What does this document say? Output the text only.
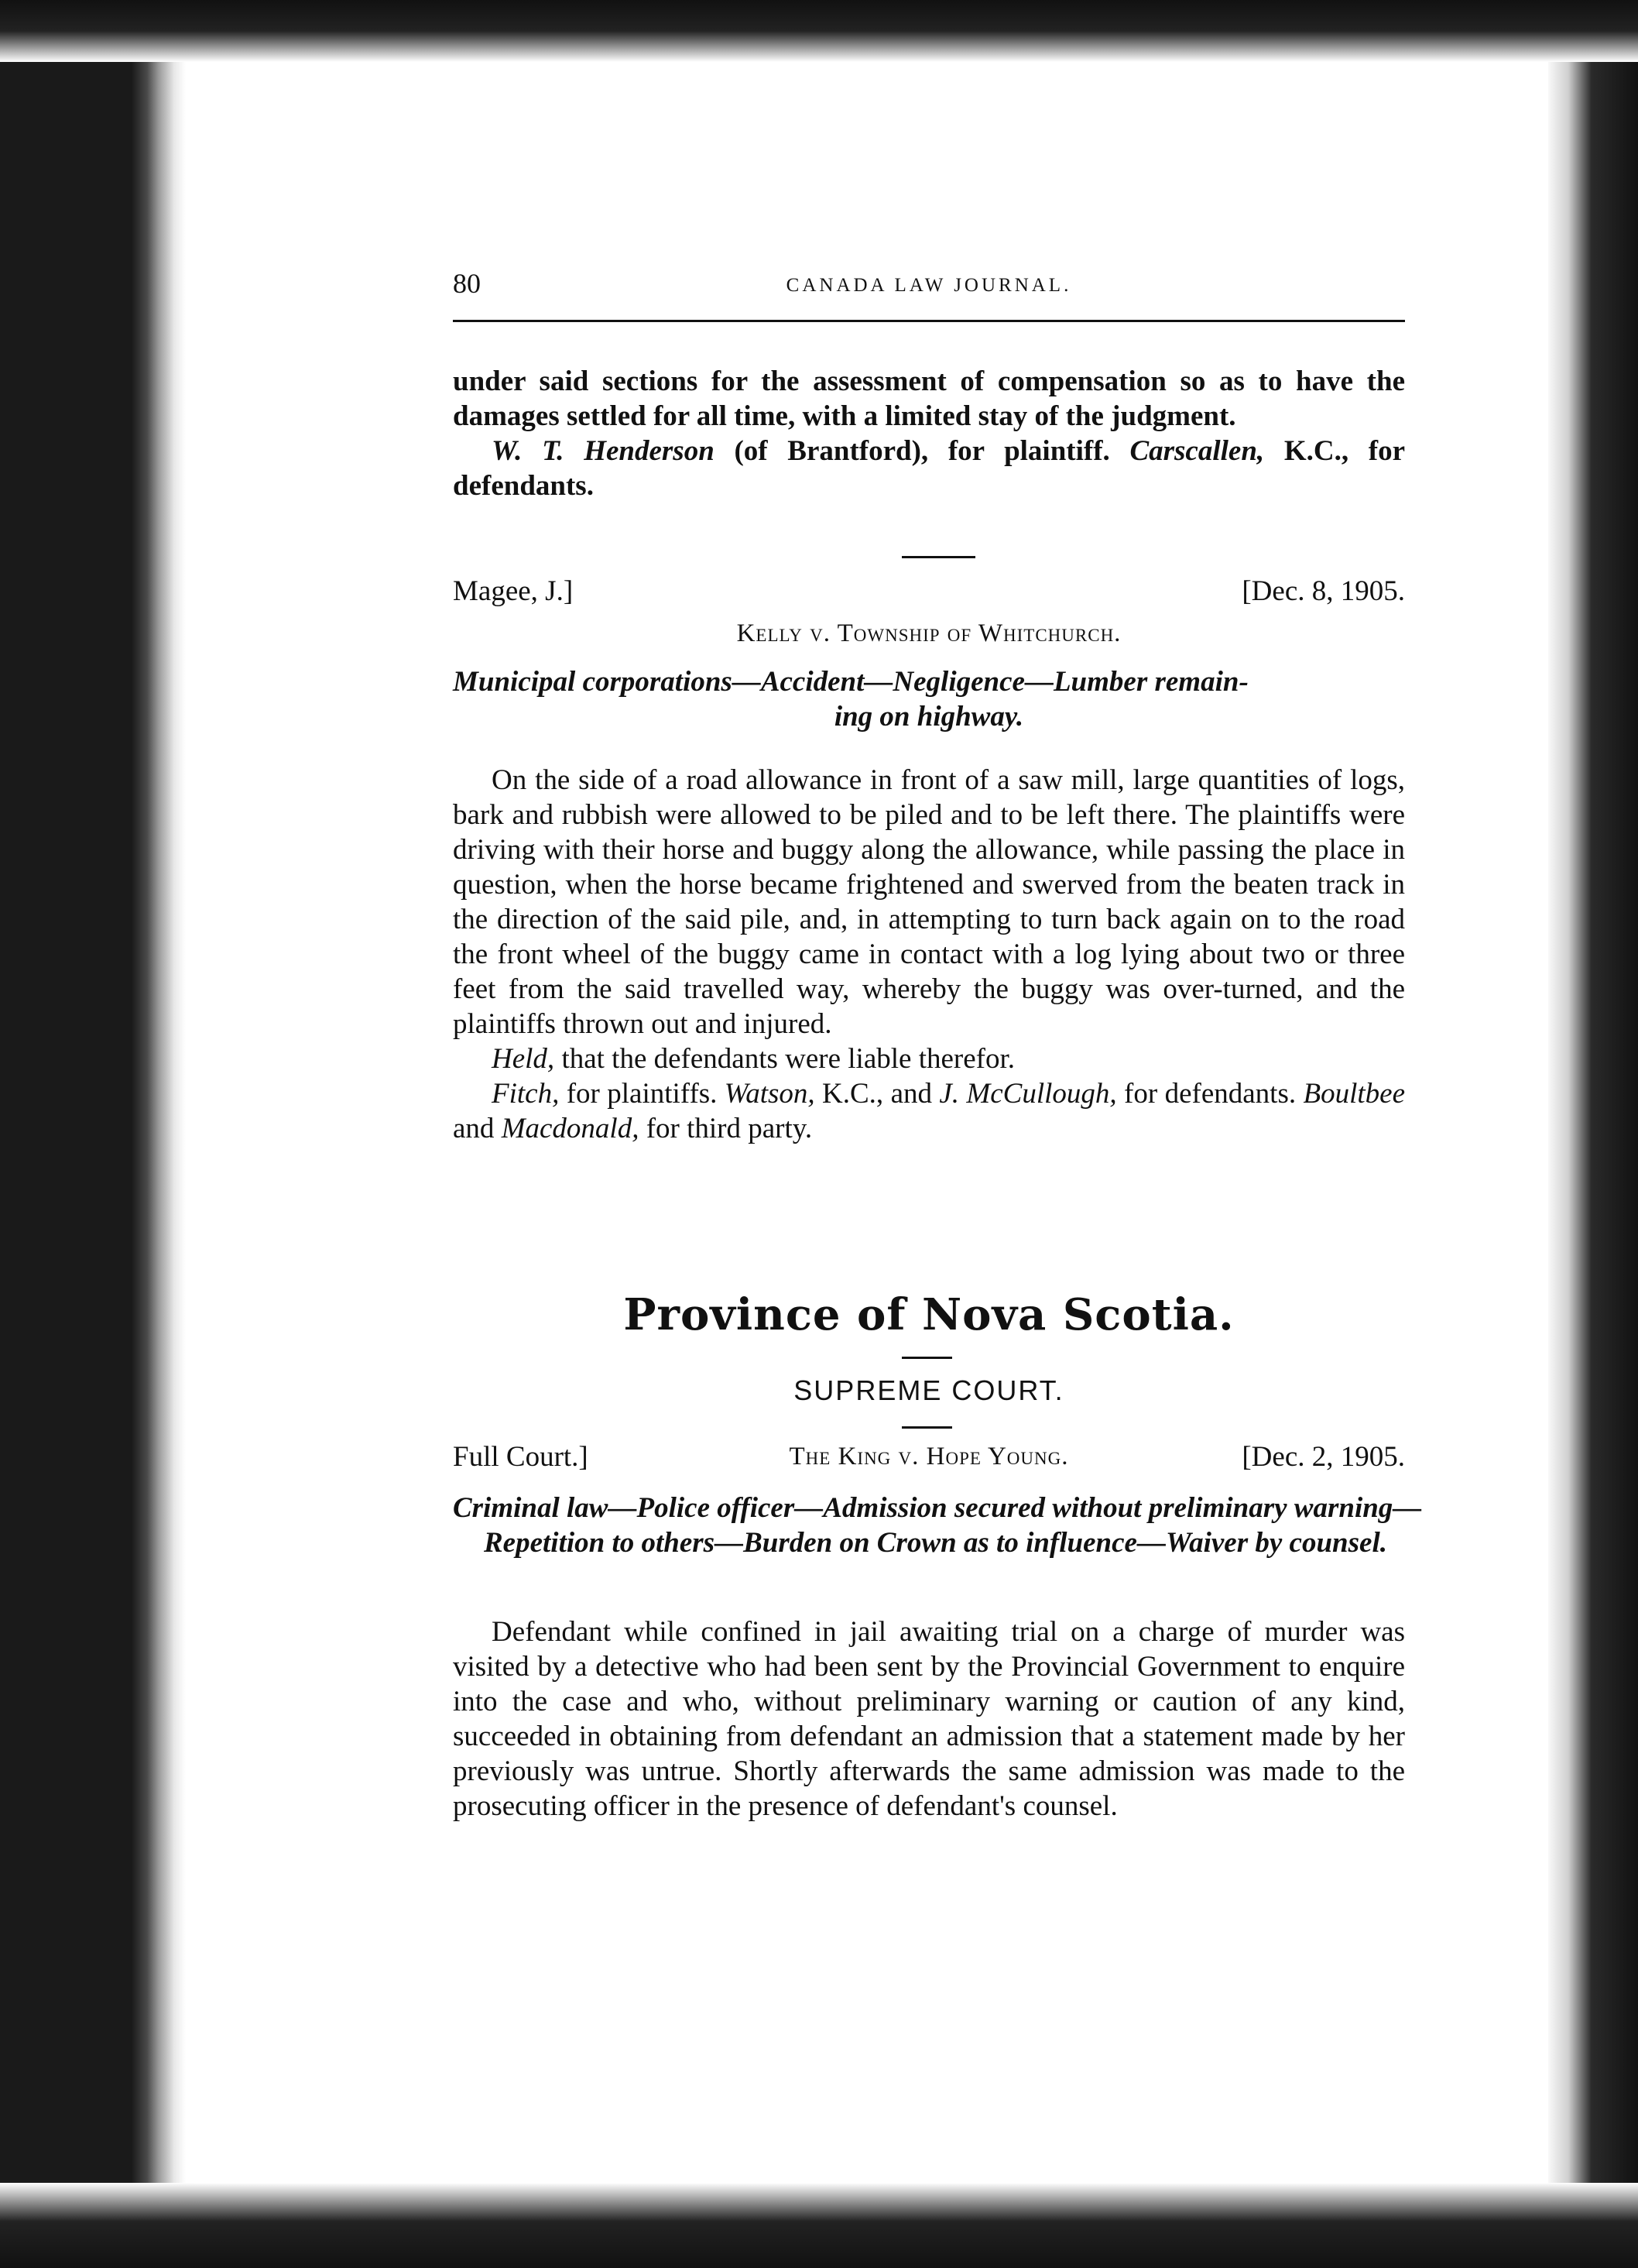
80	CANADA LAW JOURNAL.

under said sections for the assessment of compensation so as to have the damages settled for all time, with a limited stay of the judgment.

W. T. Henderson (of Brantford), for plaintiff. Carscallen, K.C., for defendants.

Magee, J.]	[Dec. 8, 1905.
Kelly v. Township of Whitchurch.
Municipal corporations—Accident—Negligence—Lumber remain-
ing on highway.

On the side of a road allowance in front of a saw mill, large quantities of logs, bark and rubbish were allowed to be piled and to be left there. The plaintiffs were driving with their horse and buggy along the allowance, while passing the place in question, when the horse became frightened and swerved from the beaten track in the direction of the said pile, and, in attempting to turn back again on to the road the front wheel of the buggy came in contact with a log lying about two or three feet from the said travelled way, whereby the buggy was over-turned, and the plaintiffs thrown out and injured.

Held, that the defendants were liable therefor.

Fitch, for plaintiffs. Watson, K.C., and J. McCullough, for defendants. Boultbee and Macdonald, for third party.

Province of Nova Scotia.
SUPREME COURT.
Full Court.]	The King v. Hope Young.	[Dec. 2, 1905.
Criminal law—Police officer—Admission secured without preliminary warning—Repetition to others—Burden on Crown as to influence—Waiver by counsel.

Defendant while confined in jail awaiting trial on a charge of murder was visited by a detective who had been sent by the Provincial Government to enquire into the case and who, without preliminary warning or caution of any kind, succeeded in obtaining from defendant an admission that a statement made by her previously was untrue. Shortly afterwards the same admission was made to the prosecuting officer in the presence of defendant's counsel.
